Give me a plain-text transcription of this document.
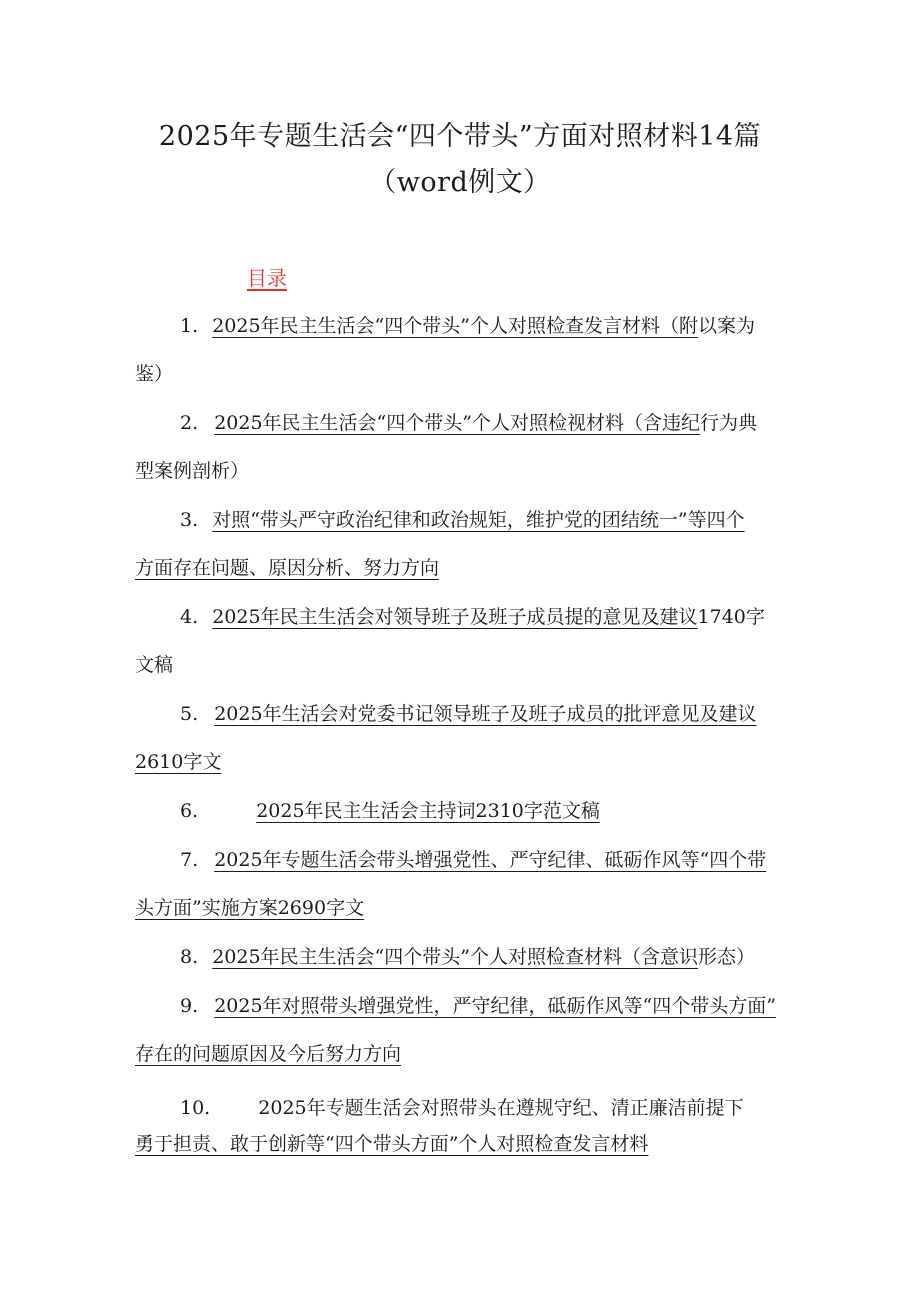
2025年专题生活会“四个带头”方面对照材料14篇
（word例文）
目录
1. 2025年民主生活会“四个带头”个人对照检查发言材料（附以案为
鉴）
2. 2025年民主生活会“四个带头”个人对照检视材料（含违纪行为典
型案例剖析）
3. 对照“带头严守政治纪律和政治规矩，维护党的团结统一”等四个
方面存在问题、原因分析、努力方向
4. 2025年民主生活会对领导班子及班子成员提的意见及建议1740字
文稿
5. 2025年生活会对党委书记领导班子及班子成员的批评意见及建议
2610字文
6.	2025年民主生活会主持词2310字范文稿
7. 2025年专题生活会带头增强党性、严守纪律、砥砺作风等“四个带
头方面”实施方案2690字文
8. 2025年民主生活会“四个带头”个人对照检查材料（含意识形态）
9. 2025年对照带头增强党性，严守纪律，砥砺作风等“四个带头方面”
存在的问题原因及今后努力方向
10.	2025年专题生活会对照带头在遵规守纪、清正廉洁前提下
勇于担责、敢于创新等“四个带头方面”个人对照检查发言材料
